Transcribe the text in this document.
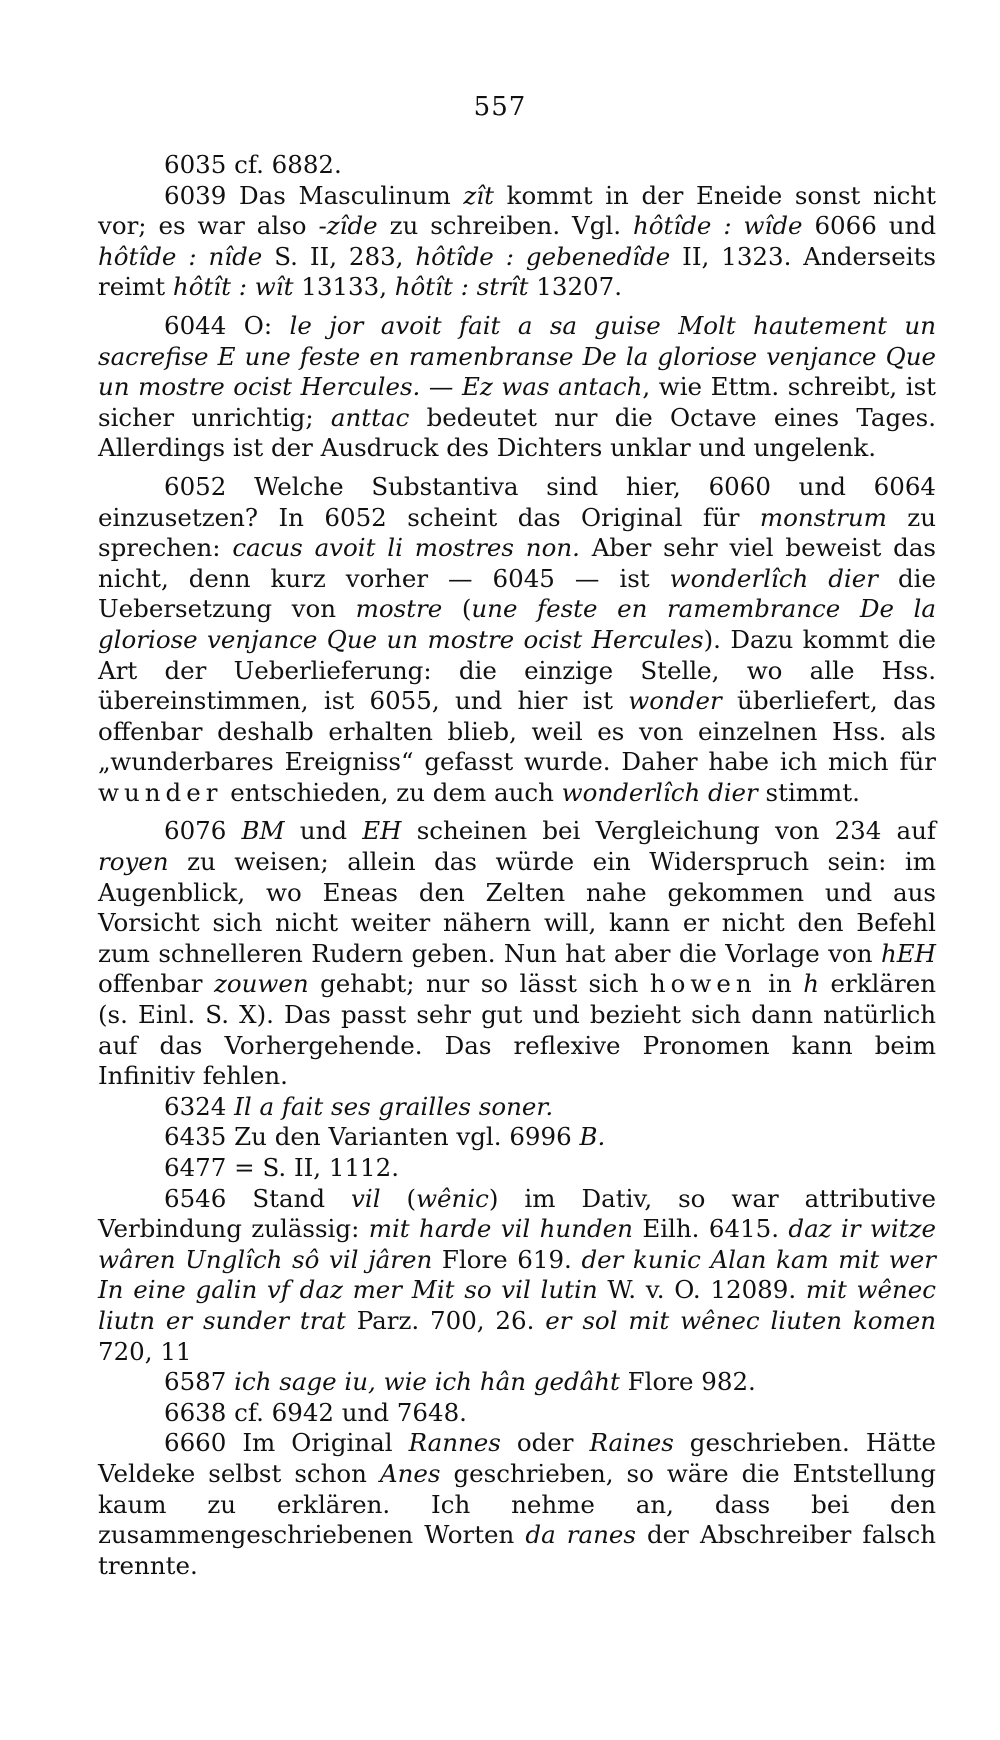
557

6035 cf. 6882.

6039 Das Masculinum zît kommt in der Eneide sonst nicht vor; es war also -zîde zu schreiben. Vgl. hôtîde : wîde 6066 und hôtîde : nîde S. II, 283, hôtîde : gebenedîde II, 1323. Anderseits reimt hôtît : wît 13133, hôtît : strît 13207.

6044 O: le jor avoit fait a sa guise Molt hautement un sacrefise E une feste en ramenbranse De la gloriose venjance Que un mostre ocist Hercules. — Ez was antach, wie Ettm. schreibt, ist sicher unrichtig; anttac bedeutet nur die Octave eines Tages. Allerdings ist der Ausdruck des Dichters unklar und ungelenk.

6052 Welche Substantiva sind hier, 6060 und 6064 einzusetzen? In 6052 scheint das Original für monstrum zu sprechen: cacus avoit li mostres non. Aber sehr viel beweist das nicht, denn kurz vorher — 6045 — ist wonderlîch dier die Uebersetzung von mostre (une feste en ramembrance De la gloriose venjance Que un mostre ocist Hercules). Dazu kommt die Art der Ueberlieferung: die einzige Stelle, wo alle Hss. übereinstimmen, ist 6055, und hier ist wonder überliefert, das offenbar deshalb erhalten blieb, weil es von einzelnen Hss. als „wunderbares Ereigniss“ gefasst wurde. Daher habe ich mich für wunder entschieden, zu dem auch wonderlîch dier stimmt.

6076 BM und EH scheinen bei Vergleichung von 234 auf royen zu weisen; allein das würde ein Widerspruch sein: im Augenblick, wo Eneas den Zelten nahe gekommen und aus Vorsicht sich nicht weiter nähern will, kann er nicht den Befehl zum schnelleren Rudern geben. Nun hat aber die Vorlage von hEH offenbar zouwen gehabt; nur so lässt sich howen in h erklären (s. Einl. S. X). Das passt sehr gut und bezieht sich dann natürlich auf das Vorhergehende. Das reflexive Pronomen kann beim Infinitiv fehlen.

6324 Il a fait ses grailles soner.

6435 Zu den Varianten vgl. 6996 B.

6477 = S. II, 1112.

6546 Stand vil (wênic) im Dativ, so war attributive Verbindung zulässig: mit harde vil hunden Eilh. 6415. daz ir witze wâren Unglîch sô vil jâren Flore 619. der kunic Alan kam mit wer In eine galin vf daz mer Mit so vil lutin W. v. O. 12089. mit wênec liutn er sunder trat Parz. 700, 26. er sol mit wênec liuten komen 720, 11

6587 ich sage iu, wie ich hân gedâht Flore 982.

6638 cf. 6942 und 7648.

6660 Im Original Rannes oder Raines geschrieben. Hätte Veldeke selbst schon Anes geschrieben, so wäre die Entstellung kaum zu erklären. Ich nehme an, dass bei den zusammengeschriebenen Worten da ranes der Abschreiber falsch trennte.
